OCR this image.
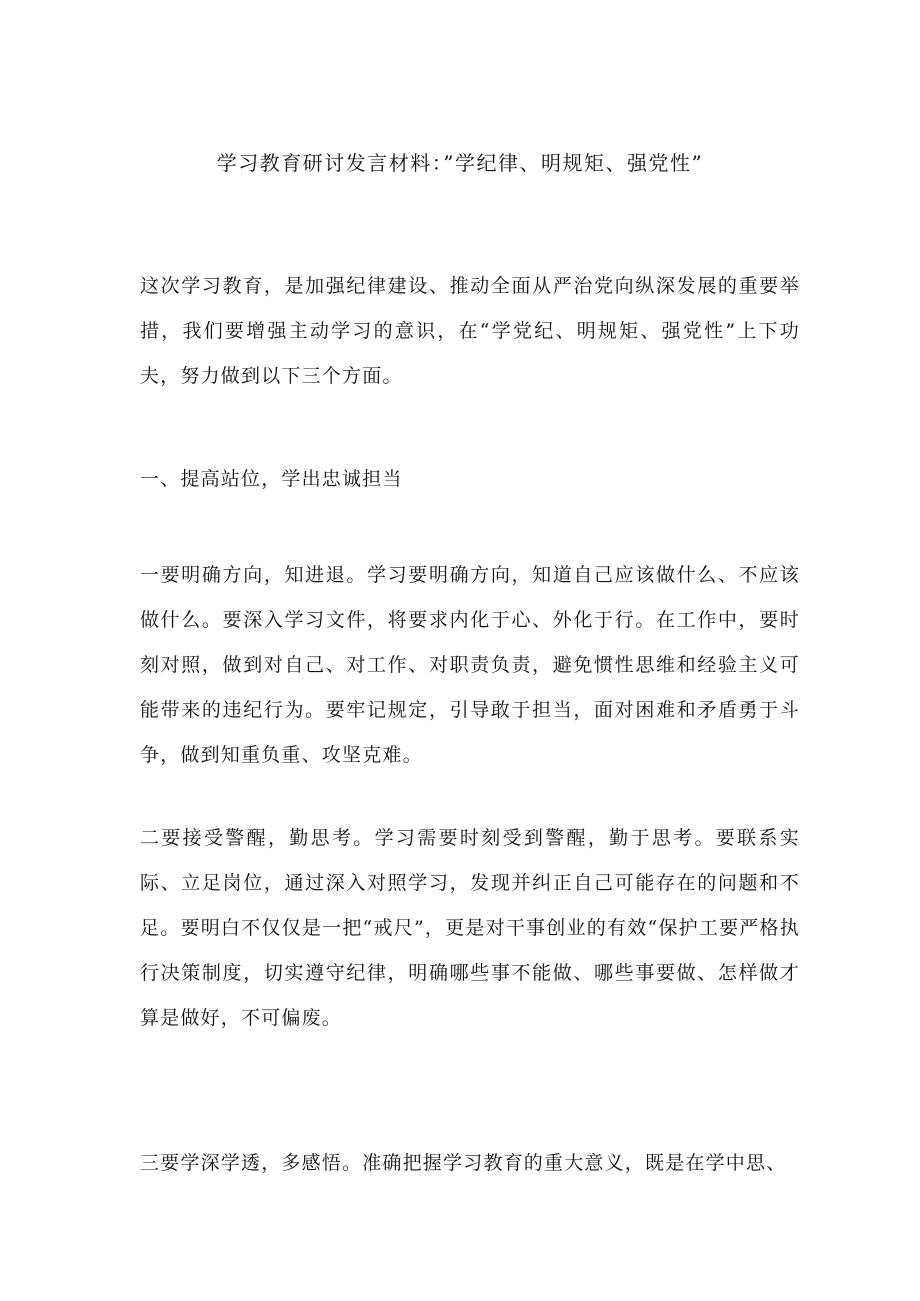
学习教育研讨发言材料：”学纪律、明规矩、强党性”
这次学习教育，是加强纪律建设、推动全面从严治党向纵深发展的重要举措，我们要增强主动学习的意识，在“学党纪、明规矩、强党性”上下功夫，努力做到以下三个方面。
一、提高站位，学出忠诚担当
一要明确方向，知进退。学习要明确方向，知道自己应该做什么、不应该做什么。要深入学习文件，将要求内化于心、外化于行。在工作中，要时刻对照，做到对自己、对工作、对职责负责，避免惯性思维和经验主义可能带来的违纪行为。要牢记规定，引导敢于担当，面对困难和矛盾勇于斗争，做到知重负重、攻坚克难。
二要接受警醒，勤思考。学习需要时刻受到警醒，勤于思考。要联系实际、立足岗位，通过深入对照学习，发现并纠正自己可能存在的问题和不足。要明白不仅仅是一把“戒尺”，更是对干事创业的有效“保护工要严格执行决策制度，切实遵守纪律，明确哪些事不能做、哪些事要做、怎样做才算是做好，不可偏废。
三要学深学透，多感悟。准确把握学习教育的重大意义，既是在学中思、
